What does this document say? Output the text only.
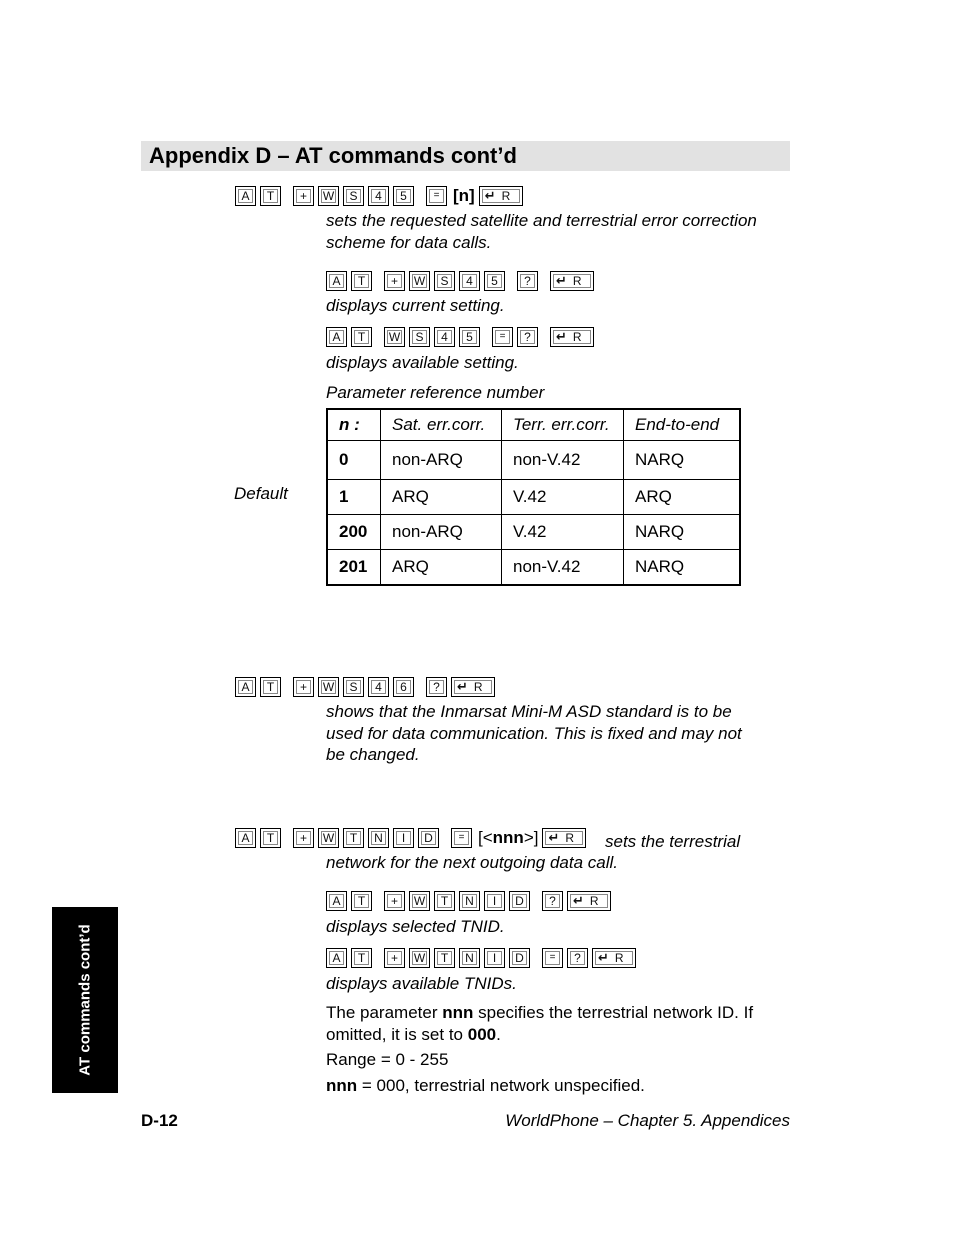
Appendix D – AT commands cont’d
A	T	+	W	S	4	5	= [n] ↵ R
sets the requested satellite and terrestrial error correction
scheme for data calls.
A	T	+	W	S	4	5	?	↵ R
displays current setting.
A	T	W	S	4	5	=	?	↵ R
displays available setting.
Parameter reference number
Default
n :	Sat. err.corr.	Terr. err.corr.	End-to-end
0	non-ARQ	non-V.42	NARQ
1	ARQ	V.42	ARQ
200	non-ARQ	V.42	NARQ
201	ARQ	non-V.42	NARQ
A	T	+	W	S	4	6	?	↵ R
shows that the Inmarsat Mini-M ASD standard is to be
used for data communication. This is fixed and may not
be changed.
A	T	+	W	T	N	I	D	= [<nnn>] ↵ R	sets the terrestrial
network for the next outgoing data call.
A	T	+	W	T	N	I	D	?	↵ R
displays selected TNID.
A	T	+	W	T	N	I	D	=	?	↵ R
displays available TNIDs.
The parameter nnn specifies the terrestrial network ID. If
omitted, it is set to 000.
Range = 0 - 255
nnn = 000, terrestrial network unspecified.
AT commands cont’d
D-12	WorldPhone – Chapter 5. Appendices
